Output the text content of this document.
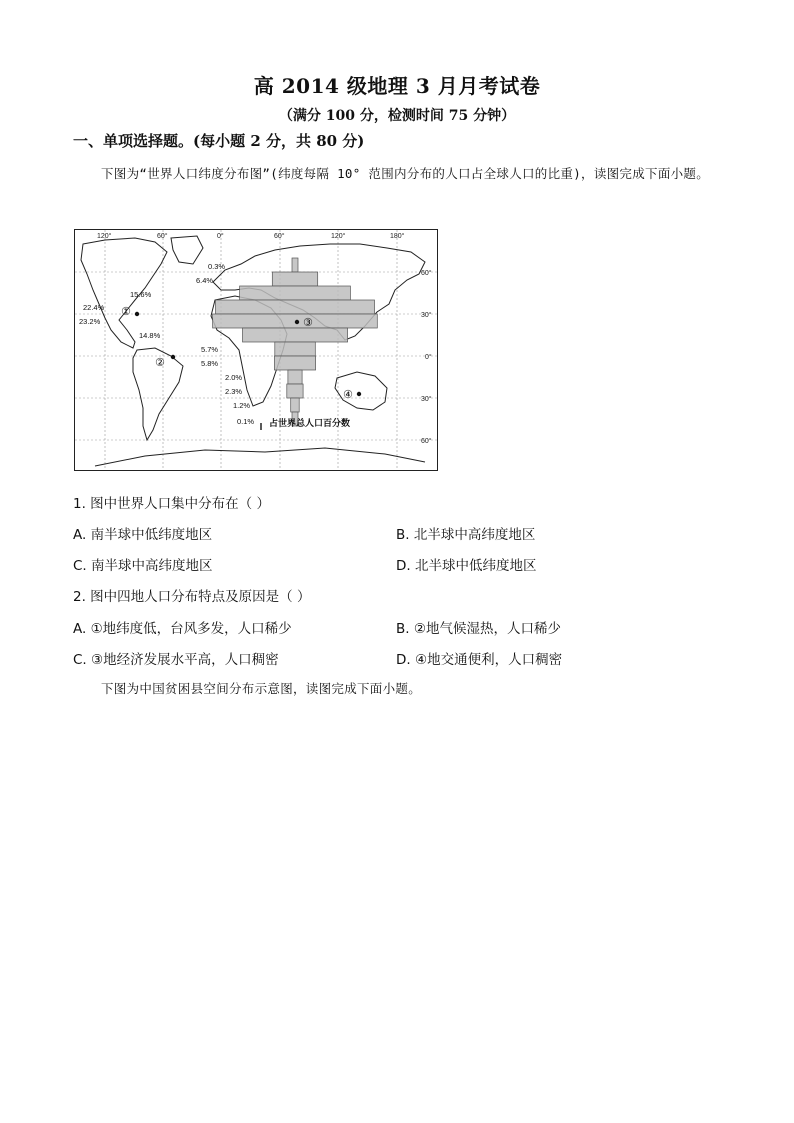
高 2014 级地理 3 月月考试卷
（满分 100 分，检测时间 75 分钟）
一、单项选择题。(每小题 2 分，共 80 分)
下图为“世界人口纬度分布图”(纬度每隔 10° 范围内分布的人口占全球人口的比重)，读图完成下面小题。
120°	60°	0°	60°	120°	180°
60°
30°
0°
30°
60°
0.3%
6.4%
15.6%
22.4%
23.2%
14.8%
5.7%
5.8%
2.0%
2.3%
1.2%
0.1%
①
②
③
④
占世界总人口百分数
1. 图中世界人口集中分布在（ ）
A. 南半球中低纬度地区	B. 北半球中高纬度地区
C. 南半球中高纬度地区	D. 北半球中低纬度地区
2. 图中四地人口分布特点及原因是（ ）
A. ①地纬度低，台风多发，人口稀少	B. ②地气候湿热，人口稀少
C. ③地经济发展水平高，人口稠密	D. ④地交通便利，人口稠密
下图为中国贫困县空间分布示意图，读图完成下面小题。
